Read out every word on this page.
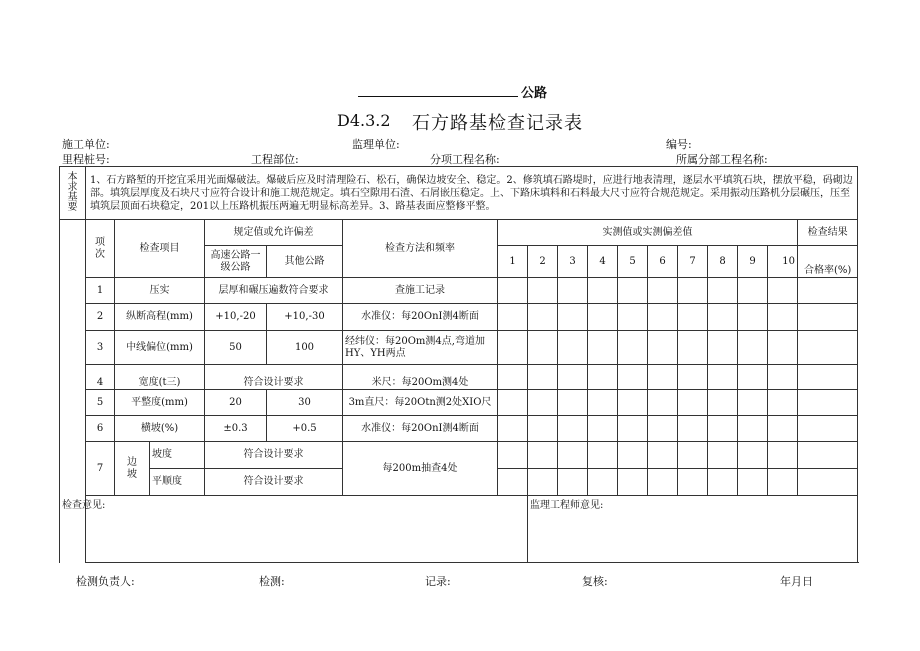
公路
D4.3.2 石方路基检查记录表
施工单位:	监理单位:	编号:
里程桩号:	工程部位:	分项工程名称:	所属分部工程名称:
本
求
基
要	1、石方路堑的开挖宜采用光面爆破法。爆破后应及时清理险石、松石，确保边坡安全、稳定。2、修筑填石路堤时，应进行地表清理，逐层水平填筑石块，摆放平稳，码砌边部。填筑层厚度及石块尺寸应符合设计和施工规范规定。填石空隙用石渣、石屑嵌压稳定。上、下路床填料和石料最大尺寸应符合规范规定。采用振动压路机分层碾压，压至填筑层顶面石块稳定，201以上压路机振压两遍无明显标高差异。3、路基表面应整修平整。																
	项
次	检查项目		规定值或允许偏差		检查方法和频率	实测值或实测偏差值										检查结果
				高速公路一级公路	其他公路		1	2	3	4	5	6	7	8	9	10	合格率(%)
	1	压实		层厚和碾压遍数符合要求		查施工记录											
	2	纵断高程(mm)		+10,-20	+10,-30	水准仪：每20OnI测4断面											
	3	中线偏位(mm)		50	100	经纬仪：每20Om测4点,弯道加HY、YH两点											
	4	宽度(t三)		符合设计要求		米尺：每20Om测4处											
	5	平整度(mm)		20	30	3m直尺：每20Otn测2处XIO尺											
	6	横坡(%)		±0.3	+0.5	水准仪：每20OnI测4断面											
	7	边
坡	坡度	符合设计要求		每200m抽查4处											
			平顺度	符合设计要求													
	检查意见:							监理工程师意见:									
检测负责人:	检测:	记录:	复核:	年月日
